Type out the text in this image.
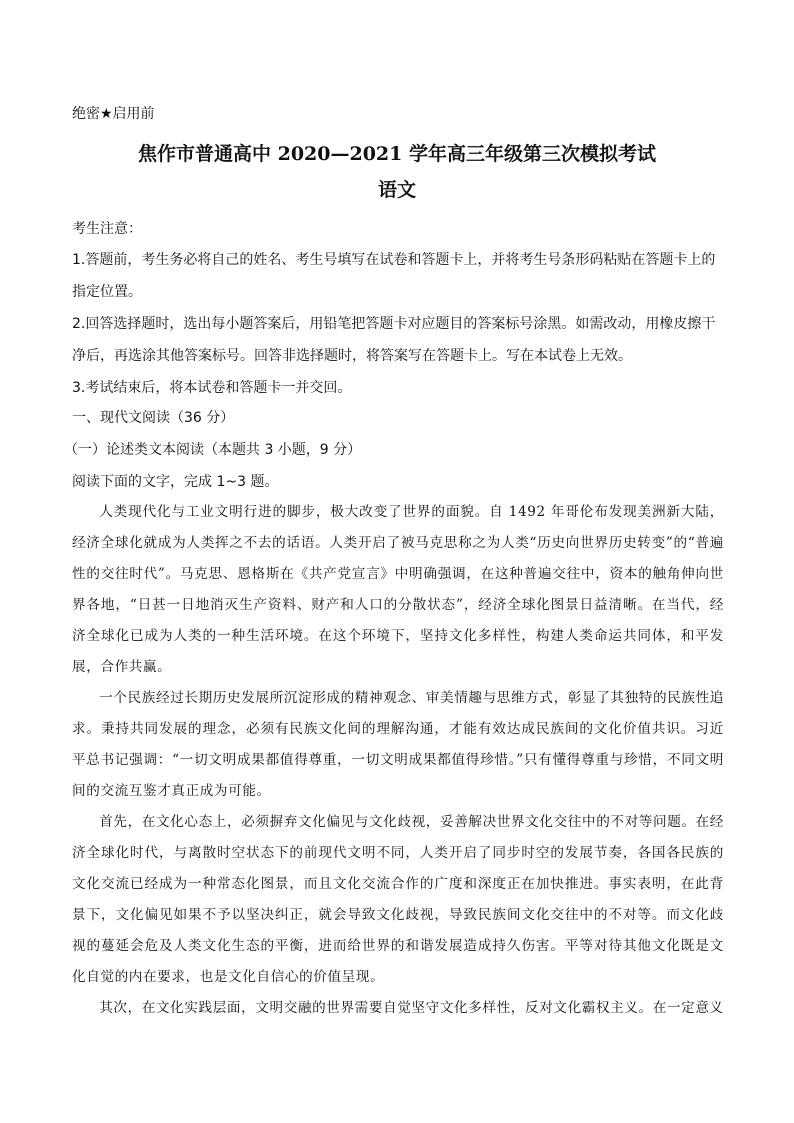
绝密★启用前
焦作市普通高中 2020—2021 学年高三年级第三次模拟考试
语文
考生注意：

1.答题前，考生务必将自己的姓名、考生号填写在试卷和答题卡上，并将考生号条形码粘贴在答题卡上的指定位置。

2.回答选择题时，选出每小题答案后，用铅笔把答题卡对应题目的答案标号涂黑。如需改动，用橡皮擦干净后，再选涂其他答案标号。回答非选择题时，将答案写在答题卡上。写在本试卷上无效。

3.考试结束后，将本试卷和答题卡一并交回。

一、现代文阅读（36 分）
（一）论述类文本阅读（本题共 3 小题，9 分）
阅读下面的文字，完成 1~3 题。

人类现代化与工业文明行进的脚步，极大改变了世界的面貌。自 1492 年哥伦布发现美洲新大陆，经济全球化就成为人类挥之不去的话语。人类开启了被马克思称之为人类“历史向世界历史转变”的“普遍性的交往时代”。马克思、恩格斯在《共产党宣言》中明确强调，在这种普遍交往中，资本的触角伸向世界各地，“日甚一日地消灭生产资料、财产和人口的分散状态”，经济全球化图景日益清晰。在当代，经济全球化已成为人类的一种生活环境。在这个环境下，坚持文化多样性，构建人类命运共同体，和平发展，合作共赢。

一个民族经过长期历史发展所沉淀形成的精神观念、审美情趣与思维方式，彰显了其独特的民族性追求。秉持共同发展的理念，必须有民族文化间的理解沟通，才能有效达成民族间的文化价值共识。习近平总书记强调：“一切文明成果都值得尊重，一切文明成果都值得珍惜。”只有懂得尊重与珍惜，不同文明间的交流互鉴才真正成为可能。

首先，在文化心态上，必须摒弃文化偏见与文化歧视，妥善解决世界文化交往中的不对等问题。在经济全球化时代，与离散时空状态下的前现代文明不同，人类开启了同步时空的发展节奏，各国各民族的文化交流已经成为一种常态化图景，而且文化交流合作的广度和深度正在加快推进。事实表明，在此背景下，文化偏见如果不予以坚决纠正，就会导致文化歧视，导致民族间文化交往中的不对等。而文化歧视的蔓延会危及人类文化生态的平衡，进而给世界的和谐发展造成持久伤害。平等对待其他文化既是文化自觉的内在要求，也是文化自信心的价值呈现。

其次，在文化实践层面，文明交融的世界需要自觉坚守文化多样性，反对文化霸权主义。在一定意义
